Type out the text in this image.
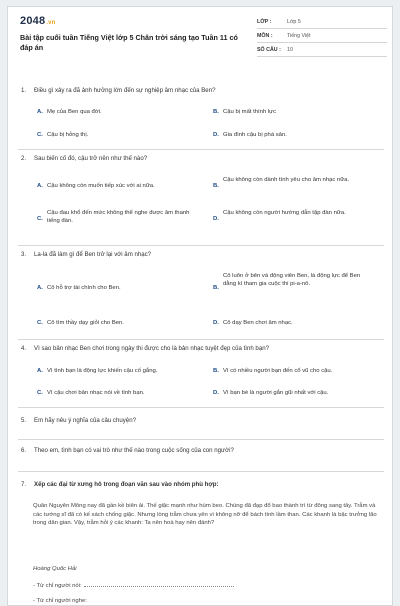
2048.vn
Bài tập cuối tuần Tiếng Việt lớp 5 Chân trời sáng tạo Tuần 11 có đáp án
LỚP :	Lớp 5
MÔN :	Tiếng Việt
SỐ CÂU :	10
1. Điều gì xảy ra đã ảnh hưởng lớn đến sự nghiệp âm nhạc của Ben?
A. Mẹ của Ben qua đời.	B. Cậu bị mất thính lực
C. Cậu bị hỏng thị.	D. Gia đình cậu bị phá sản.
2. Sau biến cố đó, cậu trở nên như thế nào?
A. Cậu không còn muốn tiếp xúc với ai nữa.	B.
Cậu không còn dành tình yêu cho âm nhạc nữa.
C.
Cậu đau khổ đến mức không thể nghe được âm thanh tiếng đàn.	D.
Cậu không còn người hướng dẫn tập đàn nữa.
3. La-la đã làm gì để Ben trở lại với âm nhạc?
A. Cô hỗ trợ tài chính cho Ben.	B.
Cô luôn ở bên và động viên Ben, là động lực để Ben dằng kí tham gia cuộc thi pi-a-nô.
C. Cô tìm thầy dạy giỏi cho Ben.	D. Cô dạy Ben chơi âm nhạc.
4. Vì sao bản nhạc Ben chơi trong ngày thi được cho là bản nhạc tuyệt đẹp của tình bạn?
A. Vì tình bạn là động lực khiến cậu cố gắng.	B. Vì có nhiều người bạn đến cổ vũ cho cậu.
C. Vì cậu chơi bản nhạc nói về tình bạn.	D. Vì bạn bè là người gắn gũi nhất với cậu.
5. Em hãy nêu ý nghĩa của câu chuyện?
6. Theo em, tình bạn có vai trò như thế nào trong cuộc sống của con người?
7. Xếp các đại từ xưng hô trong đoạn văn sau vào nhóm phù hợp:
Quân Nguyên Mông nay đã gần kề biên ải. Thế giặc mạnh như hùm beo. Chúng đã đạp đổ bao thành trì từ đông sang tây. Trẫm và các tướng sĩ đã có kế sách chống giặc. Nhưng lòng trẫm chưa yên vì không nỡ để bách tính lầm than. Các khanh là bậc trưởng lão trong dân gian. Vậy, trẫm hỏi ý các khanh: Ta nên hoà hay nên đánh?
Hoàng Quốc Hải
- Từ chỉ người nói:
- Từ chỉ người nghe:
